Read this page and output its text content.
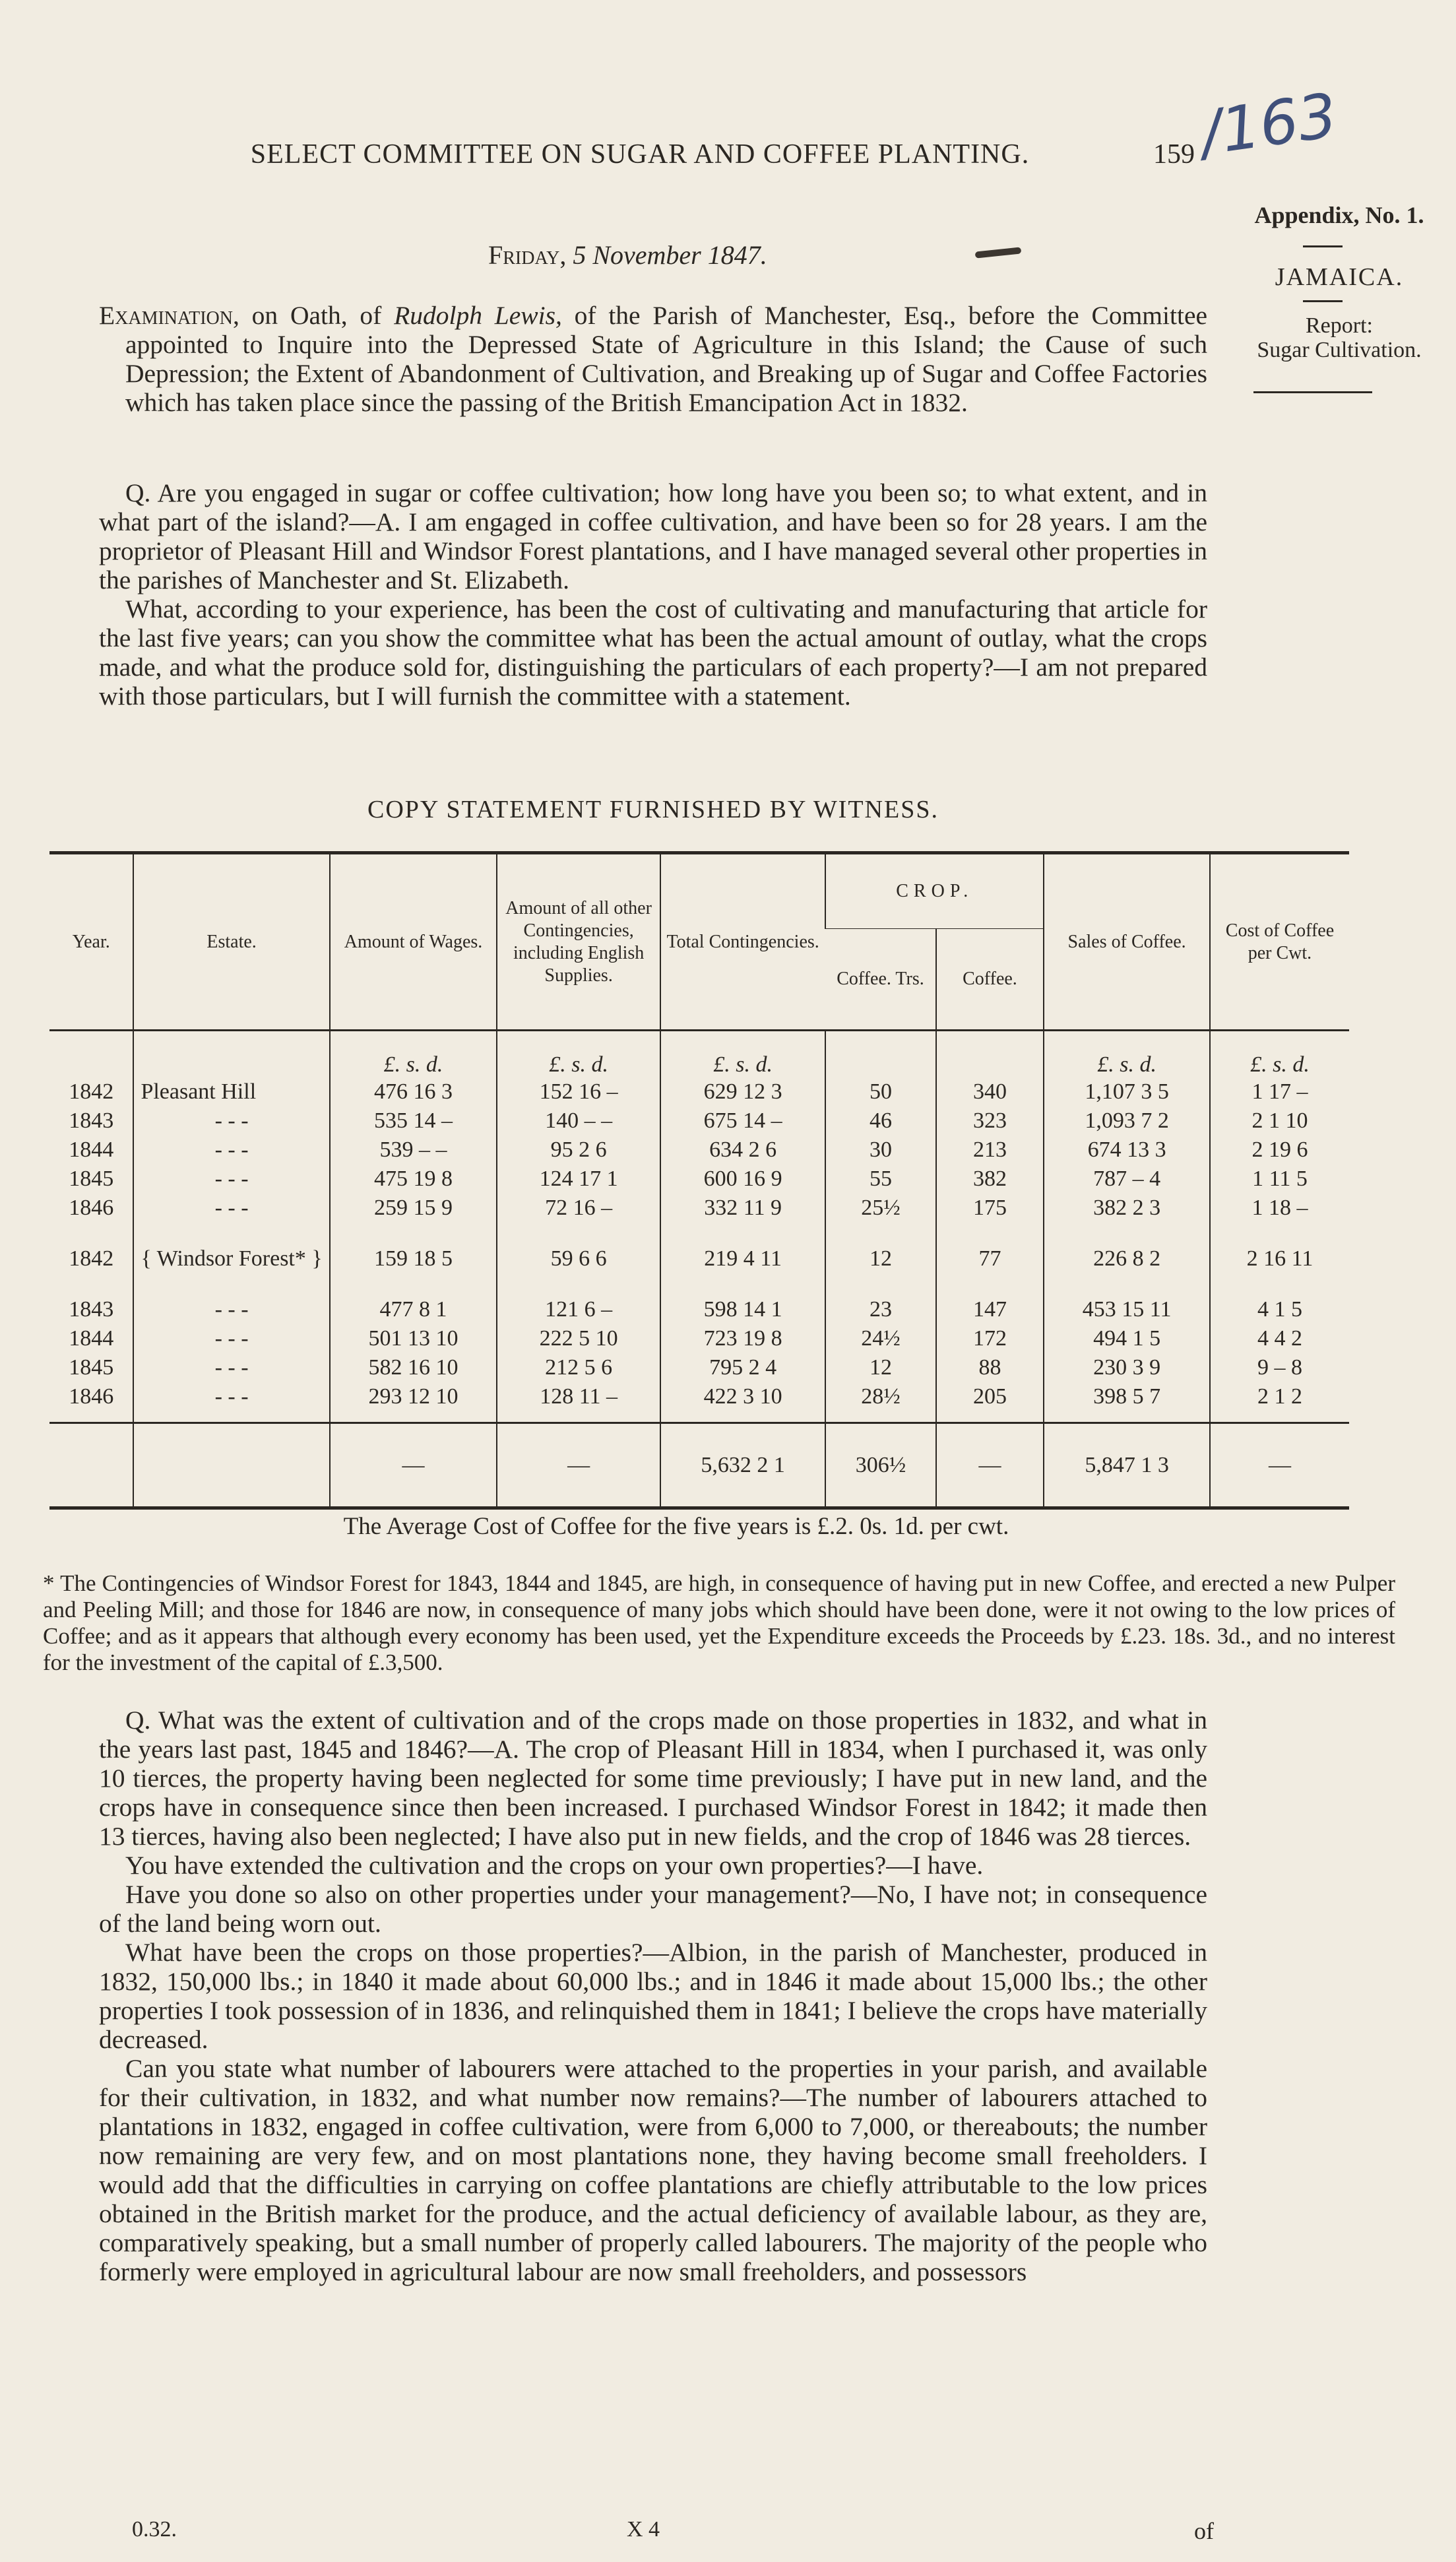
SELECT COMMITTEE ON SUGAR AND COFFEE PLANTING.	159 /163
Appendix, No. 1.
JAMAICA.
Report:
Sugar Cultivation.
Friday, 5 November 1847.

Examination, on Oath, of Rudolph Lewis, of the Parish of Manchester, Esq., before the Committee appointed to Inquire into the Depressed State of Agriculture in this Island; the Cause of such Depression; the Extent of Abandonment of Cultivation, and Breaking up of Sugar and Coffee Factories which has taken place since the passing of the British Emancipation Act in 1832.

Q. Are you engaged in sugar or coffee cultivation; how long have you been so; to what extent, and in what part of the island?—A. I am engaged in coffee cultivation, and have been so for 28 years. I am the proprietor of Pleasant Hill and Windsor Forest plantations, and I have managed several other properties in the parishes of Manchester and St. Elizabeth.

What, according to your experience, has been the cost of cultivating and manufacturing that article for the last five years; can you show the committee what has been the actual amount of outlay, what the crops made, and what the produce sold for, distinguishing the particulars of each property?—I am not prepared with those particulars, but I will furnish the committee with a statement.

COPY STATEMENT FURNISHED BY WITNESS.
Year.	Estate.	Amount of Wages.	Amount of all other Contingencies, including English Supplies.	Total Contingencies.	CROP.		Sales of Coffee.	Cost of Coffee per Cwt.
					Coffee. Trs.	Coffee.		
		£. s. d.	£. s. d.	£. s. d.			£. s. d.	£. s. d.
1842	Pleasant Hill	476 16 3	152 16 –	629 12 3	50	340	1,107 3 5	1 17 –
1843	- - -	535 14 –	140 – –	675 14 –	46	323	1,093 7 2	2 1 10
1844	- - -	539 – –	95 2 6	634 2 6	30	213	674 13 3	2 19 6
1845	- - -	475 19 8	124 17 1	600 16 9	55	382	787 – 4	1 11 5
1846	- - -	259 15 9	72 16 –	332 11 9	25½	175	382 2 3	1 18 –
1842	{ Windsor Forest* }	159 18 5	59 6 6	219 4 11	12	77	226 8 2	2 16 11
1843	- - -	477 8 1	121 6 –	598 14 1	23	147	453 15 11	4 1 5
1844	- - -	501 13 10	222 5 10	723 19 8	24½	172	494 1 5	4 4 2
1845	- - -	582 16 10	212 5 6	795 2 4	12	88	230 3 9	9 – 8
1846	- - -	293 12 10	128 11 –	422 3 10	28½	205	398 5 7	2 1 2

		—	—	5,632 2 1	306½	—	5,847 1 3	—
The Average Cost of Coffee for the five years is £.2. 0s. 1d. per cwt.
* The Contingencies of Windsor Forest for 1843, 1844 and 1845, are high, in consequence of having put in new Coffee, and erected a new Pulper and Peeling Mill; and those for 1846 are now, in consequence of many jobs which should have been done, were it not owing to the low prices of Coffee; and as it appears that although every economy has been used, yet the Expenditure exceeds the Proceeds by £.23. 18s. 3d., and no interest for the investment of the capital of £.3,500.

Q. What was the extent of cultivation and of the crops made on those properties in 1832, and what in the years last past, 1845 and 1846?—A. The crop of Pleasant Hill in 1834, when I purchased it, was only 10 tierces, the property having been neglected for some time previously; I have put in new land, and the crops have in consequence since then been increased. I purchased Windsor Forest in 1842; it made then 13 tierces, having also been neglected; I have also put in new fields, and the crop of 1846 was 28 tierces.

You have extended the cultivation and the crops on your own properties?—I have.

Have you done so also on other properties under your management?—No, I have not; in consequence of the land being worn out.

What have been the crops on those properties?—Albion, in the parish of Manchester, produced in 1832, 150,000 lbs.; in 1840 it made about 60,000 lbs.; and in 1846 it made about 15,000 lbs.; the other properties I took possession of in 1836, and relinquished them in 1841; I believe the crops have materially decreased.

Can you state what number of labourers were attached to the properties in your parish, and available for their cultivation, in 1832, and what number now remains?—The number of labourers attached to plantations in 1832, engaged in coffee cultivation, were from 6,000 to 7,000, or thereabouts; the number now remaining are very few, and on most plantations none, they having become small freeholders. I would add that the difficulties in carrying on coffee plantations are chiefly attributable to the low prices obtained in the British market for the produce, and the actual deficiency of available labour, as they are, comparatively speaking, but a small number of properly called labourers. The majority of the people who formerly were employed in agricultural labour are now small freeholders, and possessors

0.32.	X 4	of
